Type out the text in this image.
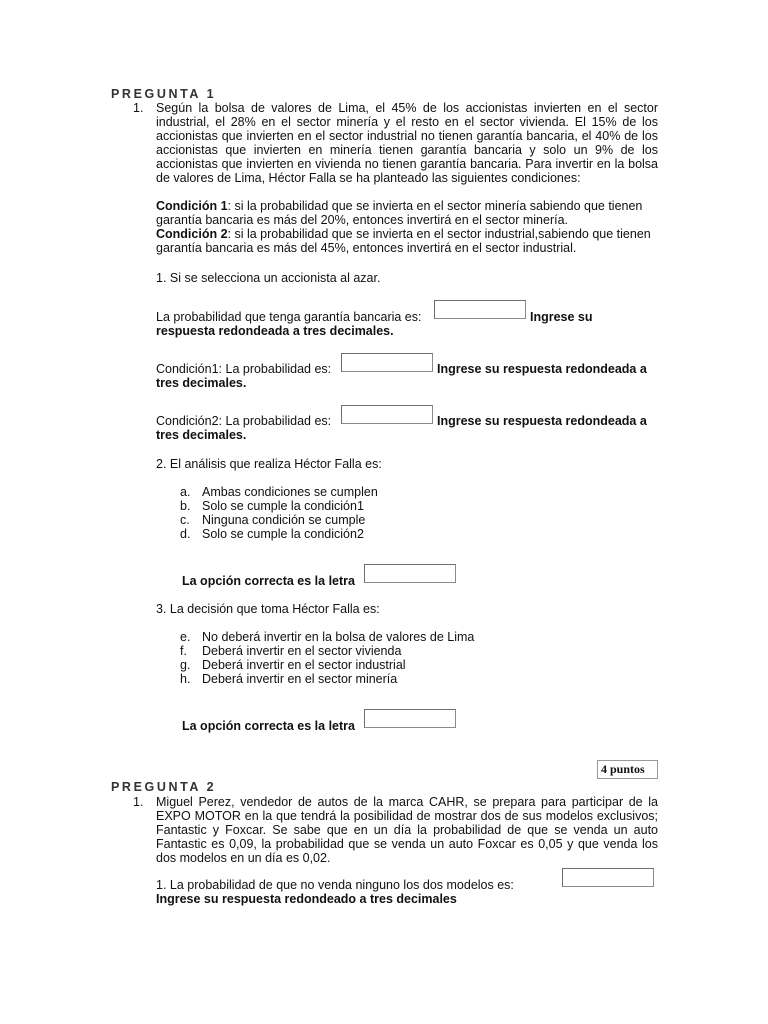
PREGUNTA 1
1. Según la bolsa de valores de Lima, el 45% de los accionistas invierten en el sector industrial, el 28% en el sector minería y el resto en el sector vivienda. El 15% de los accionistas que invierten en el sector industrial no tienen garantía bancaria, el 40% de los accionistas que invierten en minería tienen garantía bancaria y solo un 9% de los accionistas que invierten en vivienda no tienen garantía bancaria. Para invertir en la bolsa de valores de Lima, Héctor Falla se ha planteado las siguientes condiciones:

Condición 1: si la probabilidad que se invierta en el sector minería sabiendo que tienen garantía bancaria es más del 20%, entonces invertirá en el sector minería.
Condición 2: si la probabilidad que se invierta en el sector industrial,sabiendo que tienen garantía bancaria es más del 45%, entonces invertirá en el sector industrial.

1. Si se selecciona un accionista al azar.
La probabilidad que tenga garantía bancaria es:	Ingrese su
respuesta redondeada a tres decimales.
Condición1: La probabilidad es:	Ingrese su respuesta redondeada a
tres decimales.
Condición2: La probabilidad es:	Ingrese su respuesta redondeada a
tres decimales.
2. El análisis que realiza Héctor Falla es:
a. Ambas condiciones se cumplen
b. Solo se cumple la condición1
c. Ninguna condición se cumple
d. Solo se cumple la condición2
La opción correcta es la letra
3. La decisión que toma Héctor Falla es:
e. No deberá invertir en la bolsa de valores de Lima
f. Deberá invertir en el sector vivienda
g. Deberá invertir en el sector industrial
h. Deberá invertir en el sector minería
La opción correcta es la letra
4 puntos
PREGUNTA 2
1. Miguel Perez, vendedor de autos de la marca CAHR, se prepara para participar de la EXPO MOTOR en la que tendrá la posibilidad de mostrar dos de sus modelos exclusivos; Fantastic y Foxcar. Se sabe que en un día la probabilidad de que se venda un auto Fantastic es 0,09, la probabilidad que se venda un auto Foxcar es 0,05 y que venda los dos modelos en un día es 0,02.

1. La probabilidad de que no venda ninguno los dos modelos es:
Ingrese su respuesta redondeado a tres decimales
